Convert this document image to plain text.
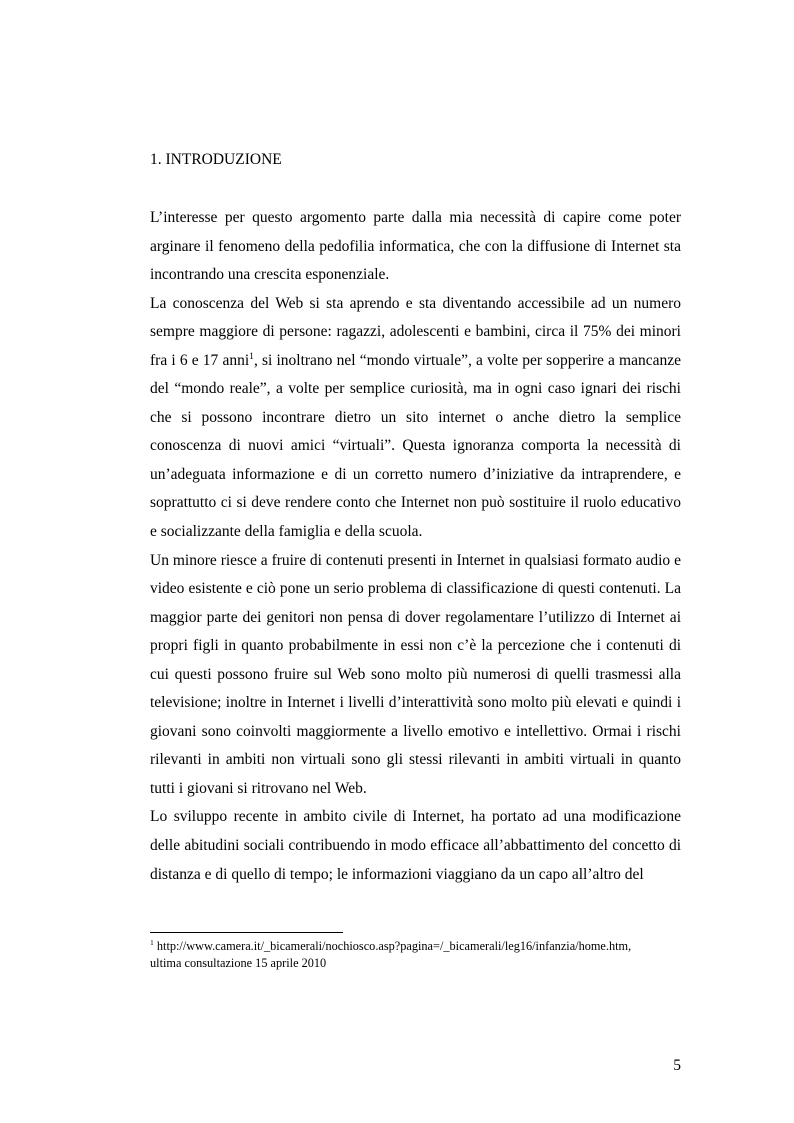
1. INTRODUZIONE

L’interesse per questo argomento parte dalla mia necessità di capire come poter arginare il fenomeno della pedofilia informatica, che con la diffusione di Internet sta incontrando una crescita esponenziale.

La conoscenza del Web si sta aprendo e sta diventando accessibile ad un numero sempre maggiore di persone: ragazzi, adolescenti e bambini, circa il 75% dei minori fra i 6 e 17 anni$^1$, si inoltrano nel “mondo virtuale”, a volte per sopperire a mancanze del “mondo reale”, a volte per semplice curiosità, ma in ogni caso ignari dei rischi che si possono incontrare dietro un sito internet o anche dietro la semplice conoscenza di nuovi amici “virtuali”. Questa ignoranza comporta la necessità di un’adeguata informazione e di un corretto numero d’iniziative da intraprendere, e soprattutto ci si deve rendere conto che Internet non può sostituire il ruolo educativo e socializzante della famiglia e della scuola.

Un minore riesce a fruire di contenuti presenti in Internet in qualsiasi formato audio e video esistente e ciò pone un serio problema di classificazione di questi contenuti. La maggior parte dei genitori non pensa di dover regolamentare l’utilizzo di Internet ai propri figli in quanto probabilmente in essi non c’è la percezione che i contenuti di cui questi possono fruire sul Web sono molto più numerosi di quelli trasmessi alla televisione; inoltre in Internet i livelli d’interattività sono molto più elevati e quindi i giovani sono coinvolti maggiormente a livello emotivo e intellettivo. Ormai i rischi rilevanti in ambiti non virtuali sono gli stessi rilevanti in ambiti virtuali in quanto tutti i giovani si ritrovano nel Web.

Lo sviluppo recente in ambito civile di Internet, ha portato ad una modificazione delle abitudini sociali contribuendo in modo efficace all’abbattimento del concetto di distanza e di quello di tempo; le informazioni viaggiano da un capo all’altro del

$^1$ http://www.camera.it/_bicamerali/nochiosco.asp?pagina=/_bicamerali/leg16/infanzia/home.htm,
ultima consultazione 15 aprile 2010
5
